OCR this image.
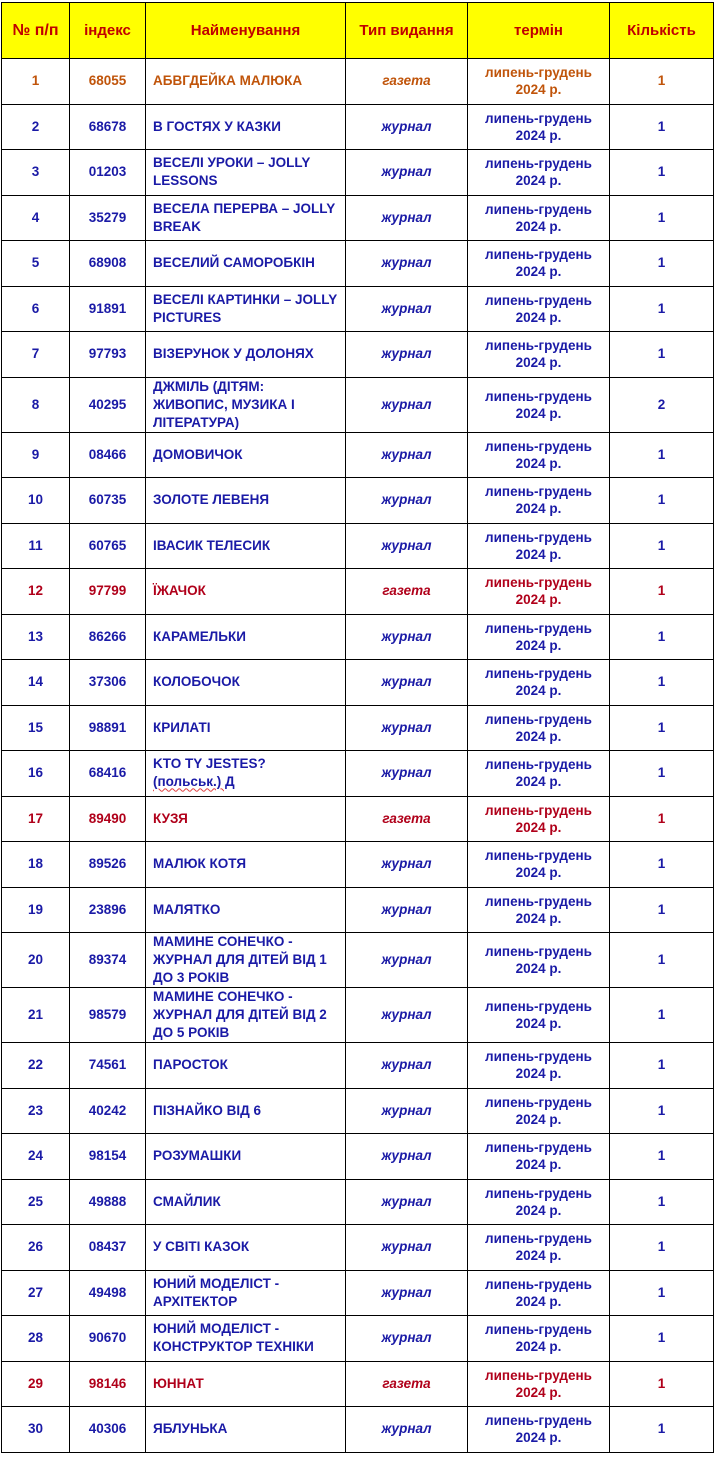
№ п/п	індекс	Найменування	Тип видання	термін	Кількість
1	68055	АБВГДЕЙКА МАЛЮКА	газета	липень-грудень 2024 р.	1
2	68678	В ГОСТЯХ У КАЗКИ	журнал	липень-грудень 2024 р.	1
3	01203	ВЕСЕЛІ УРОКИ – JOLLY LESSONS	журнал	липень-грудень 2024 р.	1
4	35279	ВЕСЕЛА ПЕРЕРВА – JOLLY BREAK	журнал	липень-грудень 2024 р.	1
5	68908	ВЕСЕЛИЙ САМОРОБКІН	журнал	липень-грудень 2024 р.	1
6	91891	ВЕСЕЛІ КАРТИНКИ – JOLLY PICTURES	журнал	липень-грудень 2024 р.	1
7	97793	ВІЗЕРУНОК У ДОЛОНЯХ	журнал	липень-грудень 2024 р.	1
8	40295	ДЖМІЛЬ (ДІТЯМ: ЖИВОПИС, МУЗИКА І ЛІТЕРАТУРА)	журнал	липень-грудень 2024 р.	2
9	08466	ДОМОВИЧОК	журнал	липень-грудень 2024 р.	1
10	60735	ЗОЛОТЕ ЛЕВЕНЯ	журнал	липень-грудень 2024 р.	1
11	60765	ІВАСИК ТЕЛЕСИК	журнал	липень-грудень 2024 р.	1
12	97799	ЇЖАЧОК	газета	липень-грудень 2024 р.	1
13	86266	КАРАМЕЛЬКИ	журнал	липень-грудень 2024 р.	1
14	37306	КОЛОБОЧОК	журнал	липень-грудень 2024 р.	1
15	98891	КРИЛАТІ	журнал	липень-грудень 2024 р.	1
16	68416	KTO TY JESTES?
(польськ.) Д	журнал	липень-грудень 2024 р.	1
17	89490	КУЗЯ	газета	липень-грудень 2024 р.	1
18	89526	МАЛЮК КОТЯ	журнал	липень-грудень 2024 р.	1
19	23896	МАЛЯТКО	журнал	липень-грудень 2024 р.	1
20	89374	МАМИНЕ СОНЕЧКО - ЖУРНАЛ ДЛЯ ДІТЕЙ ВІД 1 ДО 3 РОКІВ	журнал	липень-грудень 2024 р.	1
21	98579	МАМИНЕ СОНЕЧКО - ЖУРНАЛ ДЛЯ ДІТЕЙ ВІД 2 ДО 5 РОКІВ	журнал	липень-грудень 2024 р.	1
22	74561	ПАРОСТОК	журнал	липень-грудень 2024 р.	1
23	40242	ПІЗНАЙКО ВІД 6	журнал	липень-грудень 2024 р.	1
24	98154	РОЗУМАШКИ	журнал	липень-грудень 2024 р.	1
25	49888	СМАЙЛИК	журнал	липень-грудень 2024 р.	1
26	08437	У СВІТІ КАЗОК	журнал	липень-грудень 2024 р.	1
27	49498	ЮНИЙ МОДЕЛІСТ - АРХІТЕКТОР	журнал	липень-грудень 2024 р.	1
28	90670	ЮНИЙ МОДЕЛІСТ - КОНСТРУКТОР ТЕХНІКИ	журнал	липень-грудень 2024 р.	1
29	98146	ЮННАТ	газета	липень-грудень 2024 р.	1
30	40306	ЯБЛУНЬКА	журнал	липень-грудень 2024 р.	1
